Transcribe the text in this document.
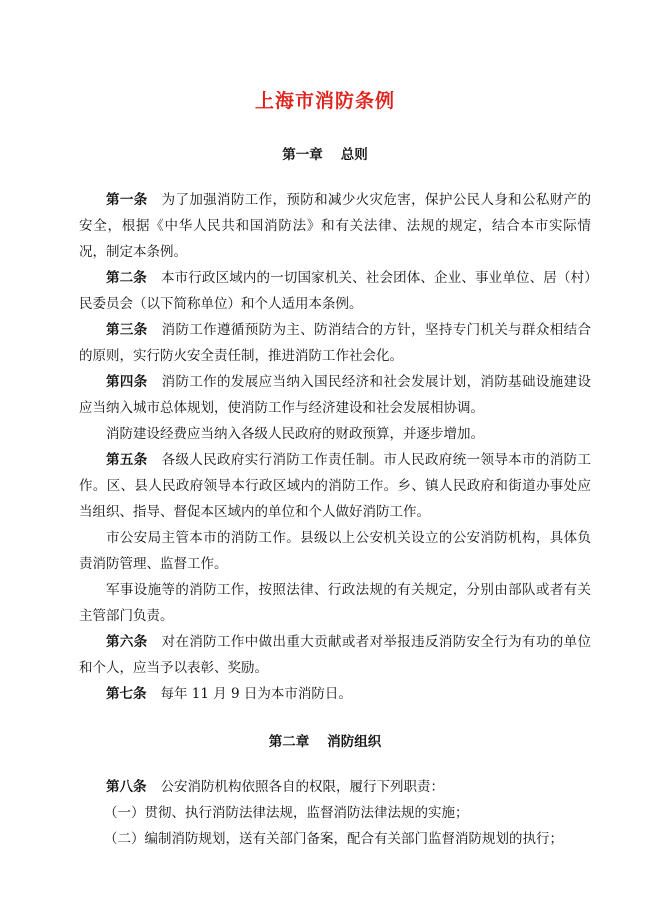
上海市消防条例
第一章 总则

第一条 为了加强消防工作，预防和减少火灾危害，保护公民人身和公私财产的安全，根据《中华人民共和国消防法》和有关法律、法规的规定，结合本市实际情况，制定本条例。

第二条 本市行政区域内的一切国家机关、社会团体、企业、事业单位、居（村）民委员会（以下简称单位）和个人适用本条例。

第三条 消防工作遵循预防为主、防消结合的方针，坚持专门机关与群众相结合的原则，实行防火安全责任制，推进消防工作社会化。

第四条 消防工作的发展应当纳入国民经济和社会发展计划，消防基础设施建设应当纳入城市总体规划，使消防工作与经济建设和社会发展相协调。

消防建设经费应当纳入各级人民政府的财政预算，并逐步增加。

第五条 各级人民政府实行消防工作责任制。市人民政府统一领导本市的消防工作。区、县人民政府领导本行政区域内的消防工作。乡、镇人民政府和街道办事处应当组织、指导、督促本区域内的单位和个人做好消防工作。

市公安局主管本市的消防工作。县级以上公安机关设立的公安消防机构，具体负责消防管理、监督工作。

军事设施等的消防工作，按照法律、行政法规的有关规定，分别由部队或者有关主管部门负责。

第六条 对在消防工作中做出重大贡献或者对举报违反消防安全行为有功的单位和个人，应当予以表彰、奖励。

第七条 每年 11 月 9 日为本市消防日。

第二章 消防组织

第八条 公安消防机构依照各自的权限，履行下列职责：

（一）贯彻、执行消防法律法规，监督消防法律法规的实施；

（二）编制消防规划，送有关部门备案，配合有关部门监督消防规划的执行；
